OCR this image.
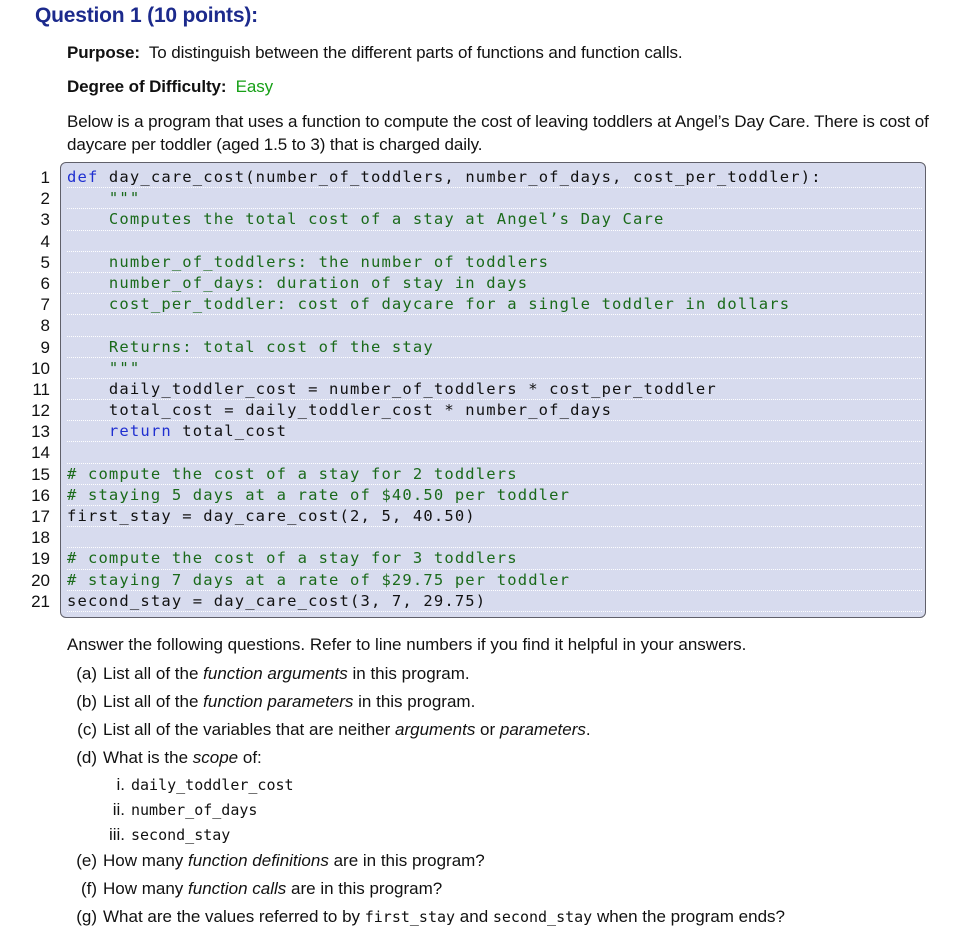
Question 1 (10 points):
Purpose: To distinguish between the different parts of functions and function calls.
Degree of Difficulty: Easy
Below is a program that uses a function to compute the cost of leaving toddlers at Angel’s Day Care. There is cost of daycare per toddler (aged 1.5 to 3) that is charged daily.
1
2
3
4
5
6
7
8
9
10
11
12
13
14
15
16
17
18
19
20
21
def day_care_cost(number_of_toddlers, number_of_days, cost_per_toddler):
"""
Computes the total cost of a stay at Angel’s Day Care
number_of_toddlers: the number of toddlers
number_of_days: duration of stay in days
cost_per_toddler: cost of daycare for a single toddler in dollars
Returns: total cost of the stay
"""
daily_toddler_cost = number_of_toddlers * cost_per_toddler
total_cost = daily_toddler_cost * number_of_days
return total_cost
# compute the cost of a stay for 2 toddlers
# staying 5 days at a rate of $40.50 per toddler
first_stay = day_care_cost(2, 5, 40.50)
# compute the cost of a stay for 3 toddlers
# staying 7 days at a rate of $29.75 per toddler
second_stay = day_care_cost(3, 7, 29.75)
Answer the following questions. Refer to line numbers if you find it helpful in your answers.
(a) List all of the function arguments in this program.
(b) List all of the function parameters in this program.
(c) List all of the variables that are neither arguments or parameters.
(d) What is the scope of:
i. daily_toddler_cost
ii. number_of_days
iii. second_stay
(e) How many function definitions are in this program?
(f) How many function calls are in this program?
(g) What are the values referred to by first_stay and second_stay when the program ends?
